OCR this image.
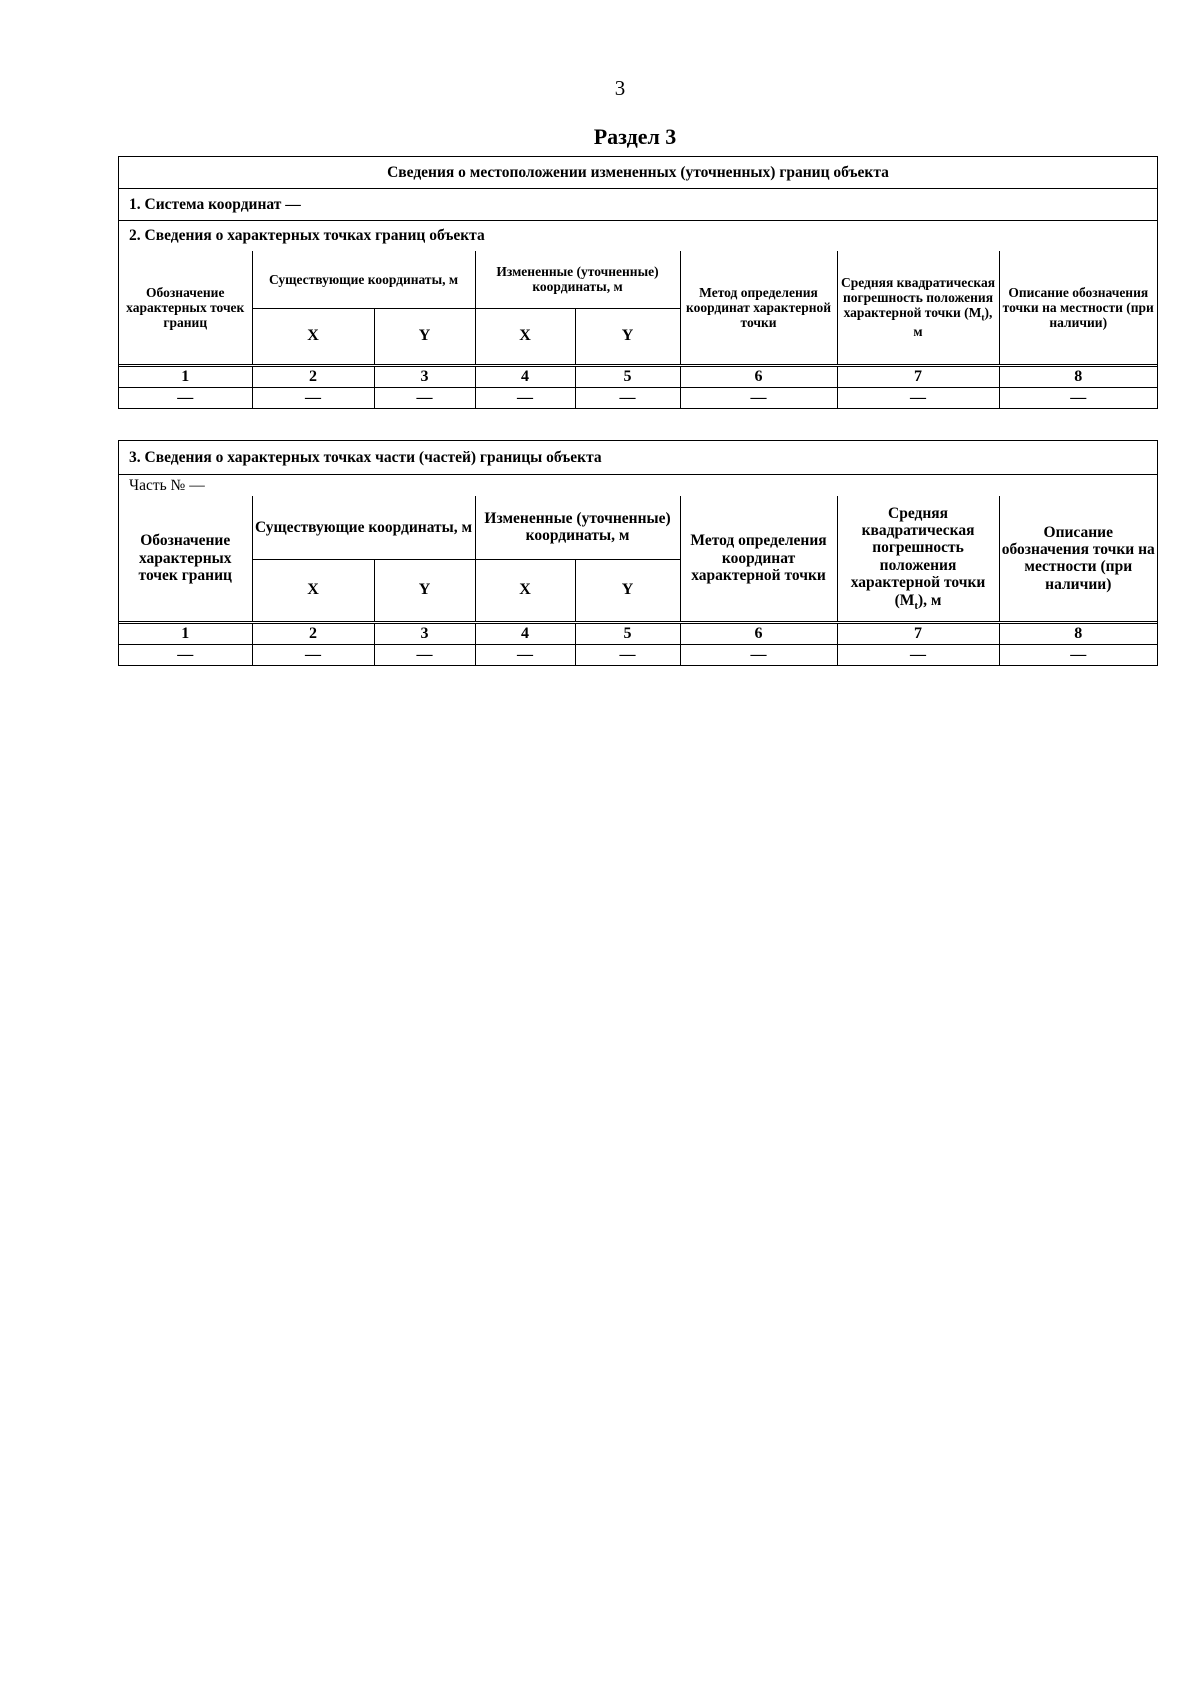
3
Раздел 3
Сведения о местоположении измененных (уточненных) границ объекта
1. Система координат —
2. Сведения о характерных точках границ объекта
Обозначение характерных точек границ	Существующие координаты, м		Измененные (уточненные) координаты, м		Метод определения координат характерной точки	Средняя квадратическая погрешность положения характерной точки $(M_t)$, м	Описание обозначения точки на местности (при наличии)
	X	Y	X	Y			
1	2	3	4	5	6	7	8
—	—	—	—	—	—	—	—
3. Сведения о характерных точках части (частей) границы объекта
Часть № —
Обозначение характерных точек границ	Существующие координаты, м		Измененные (уточненные) координаты, м		Метод определения координат характерной точки	Средняя квадратическая погрешность положения характерной точки $(M_t)$, м	Описание обозначения точки на местности (при наличии)
	X	Y	X	Y			
1	2	3	4	5	6	7	8
—	—	—	—	—	—	—	—
